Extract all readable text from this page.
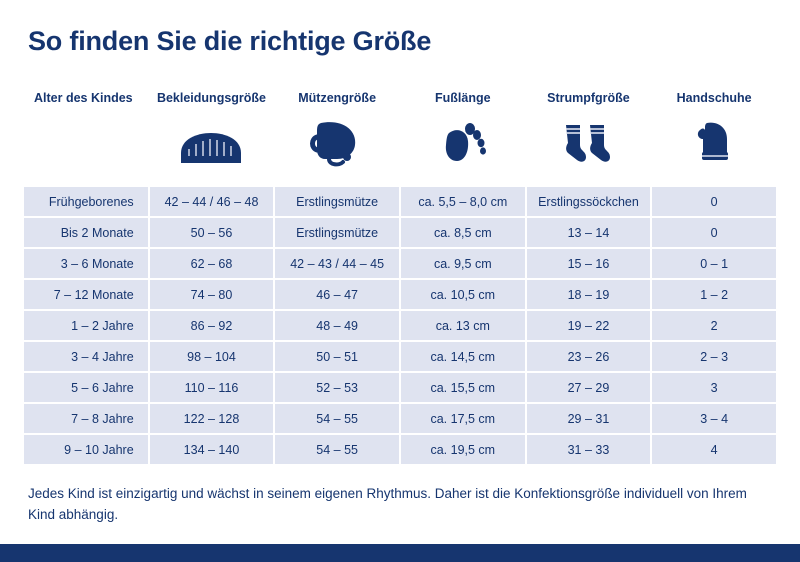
So finden Sie die richtige Größe
Alter des Kindes	Bekleidungsgröße	Mützengröße	Fußlänge	Strumpfgröße	Handschuhe

Frühgeborenes	42 – 44 / 46 – 48	Erstlingsmütze	ca. 5,5 – 8,0 cm	Erstlingssöckchen	0
Bis 2 Monate	50 – 56	Erstlingsmütze	ca. 8,5 cm	13 – 14	0
3 – 6 Monate	62 – 68	42 – 43 / 44 – 45	ca. 9,5 cm	15 – 16	0 – 1
7 – 12 Monate	74 – 80	46 – 47	ca. 10,5 cm	18 – 19	1 – 2
1 – 2 Jahre	86 – 92	48 – 49	ca. 13 cm	19 – 22	2
3 – 4 Jahre	98 – 104	50 – 51	ca. 14,5 cm	23 – 26	2 – 3
5 – 6 Jahre	110 – 116	52 – 53	ca. 15,5 cm	27 – 29	3
7 – 8 Jahre	122 – 128	54 – 55	ca. 17,5 cm	29 – 31	3 – 4
9 – 10 Jahre	134 – 140	54 – 55	ca. 19,5 cm	31 – 33	4
Jedes Kind ist einzigartig und wächst in seinem eigenen Rhythmus. Daher ist die Konfektionsgröße individuell von Ihrem Kind abhängig.
